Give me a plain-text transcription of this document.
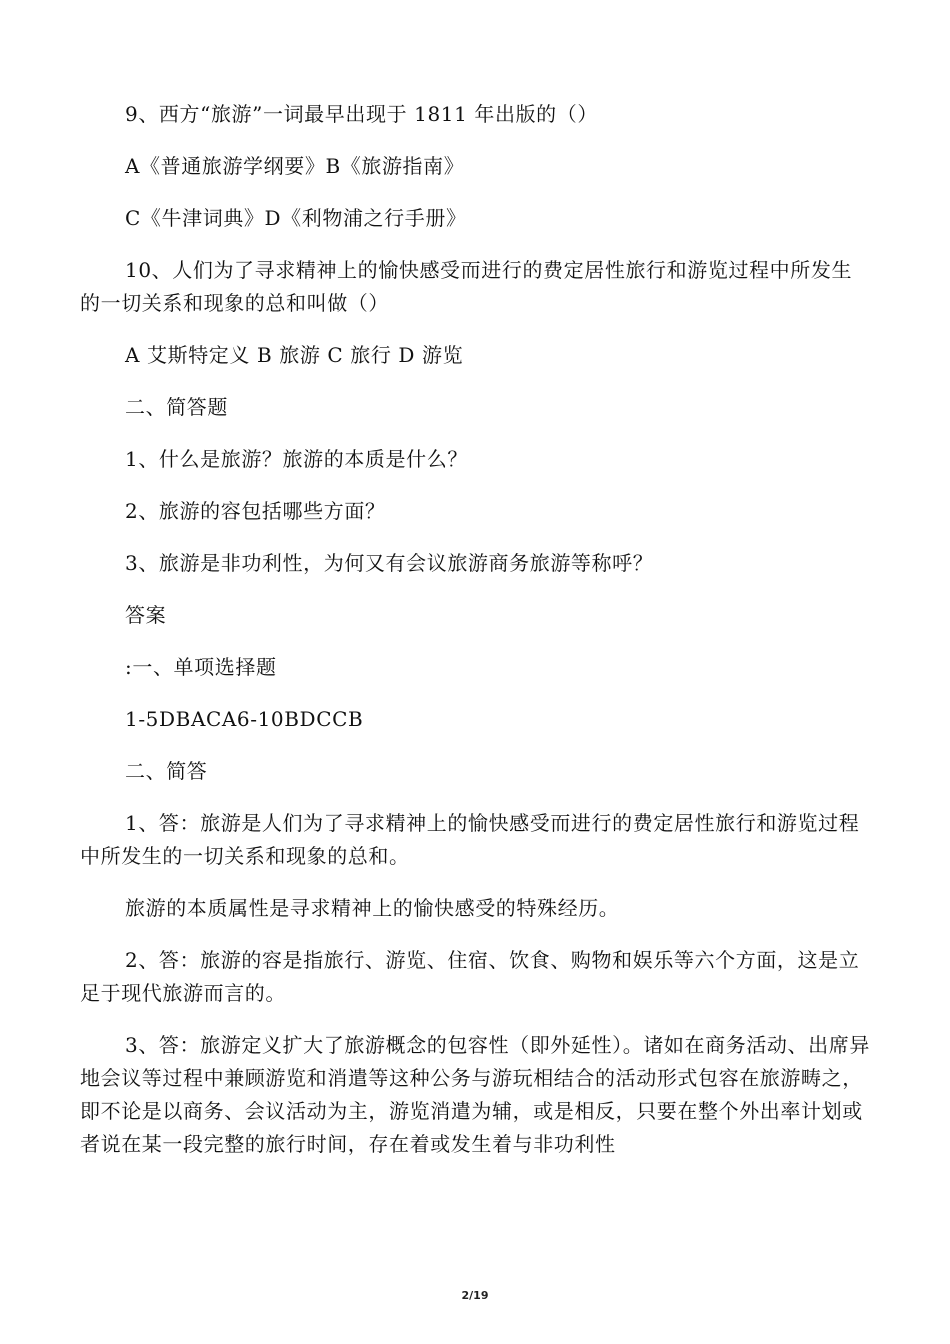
9、西方“旅游”一词最早出现于 1811 年出版的（）

A《普通旅游学纲要》B《旅游指南》

C《牛津词典》D《利物浦之行手册》

10、人们为了寻求精神上的愉快感受而进行的费定居性旅行和游览过程中所发生的一切关系和现象的总和叫做（）

A 艾斯特定义 B 旅游 C 旅行 D 游览

二、简答题

1、什么是旅游？旅游的本质是什么？

2、旅游的容包括哪些方面？

3、旅游是非功利性，为何又有会议旅游商务旅游等称呼？

答案

:一、单项选择题

1-5DBACA6-10BDCCB

二、简答

1、答：旅游是人们为了寻求精神上的愉快感受而进行的费定居性旅行和游览过程中所发生的一切关系和现象的总和。

旅游的本质属性是寻求精神上的愉快感受的特殊经历。

2、答：旅游的容是指旅行、游览、住宿、饮食、购物和娱乐等六个方面，这是立足于现代旅游而言的。

3、答：旅游定义扩大了旅游概念的包容性（即外延性）。诸如在商务活动、出席异地会议等过程中兼顾游览和消遣等这种公务与游玩相结合的活动形式包容在旅游畴之，即不论是以商务、会议活动为主，游览消遣为辅，或是相反，只要在整个外出率计划或者说在某一段完整的旅行时间，存在着或发生着与非功利性

2/19
